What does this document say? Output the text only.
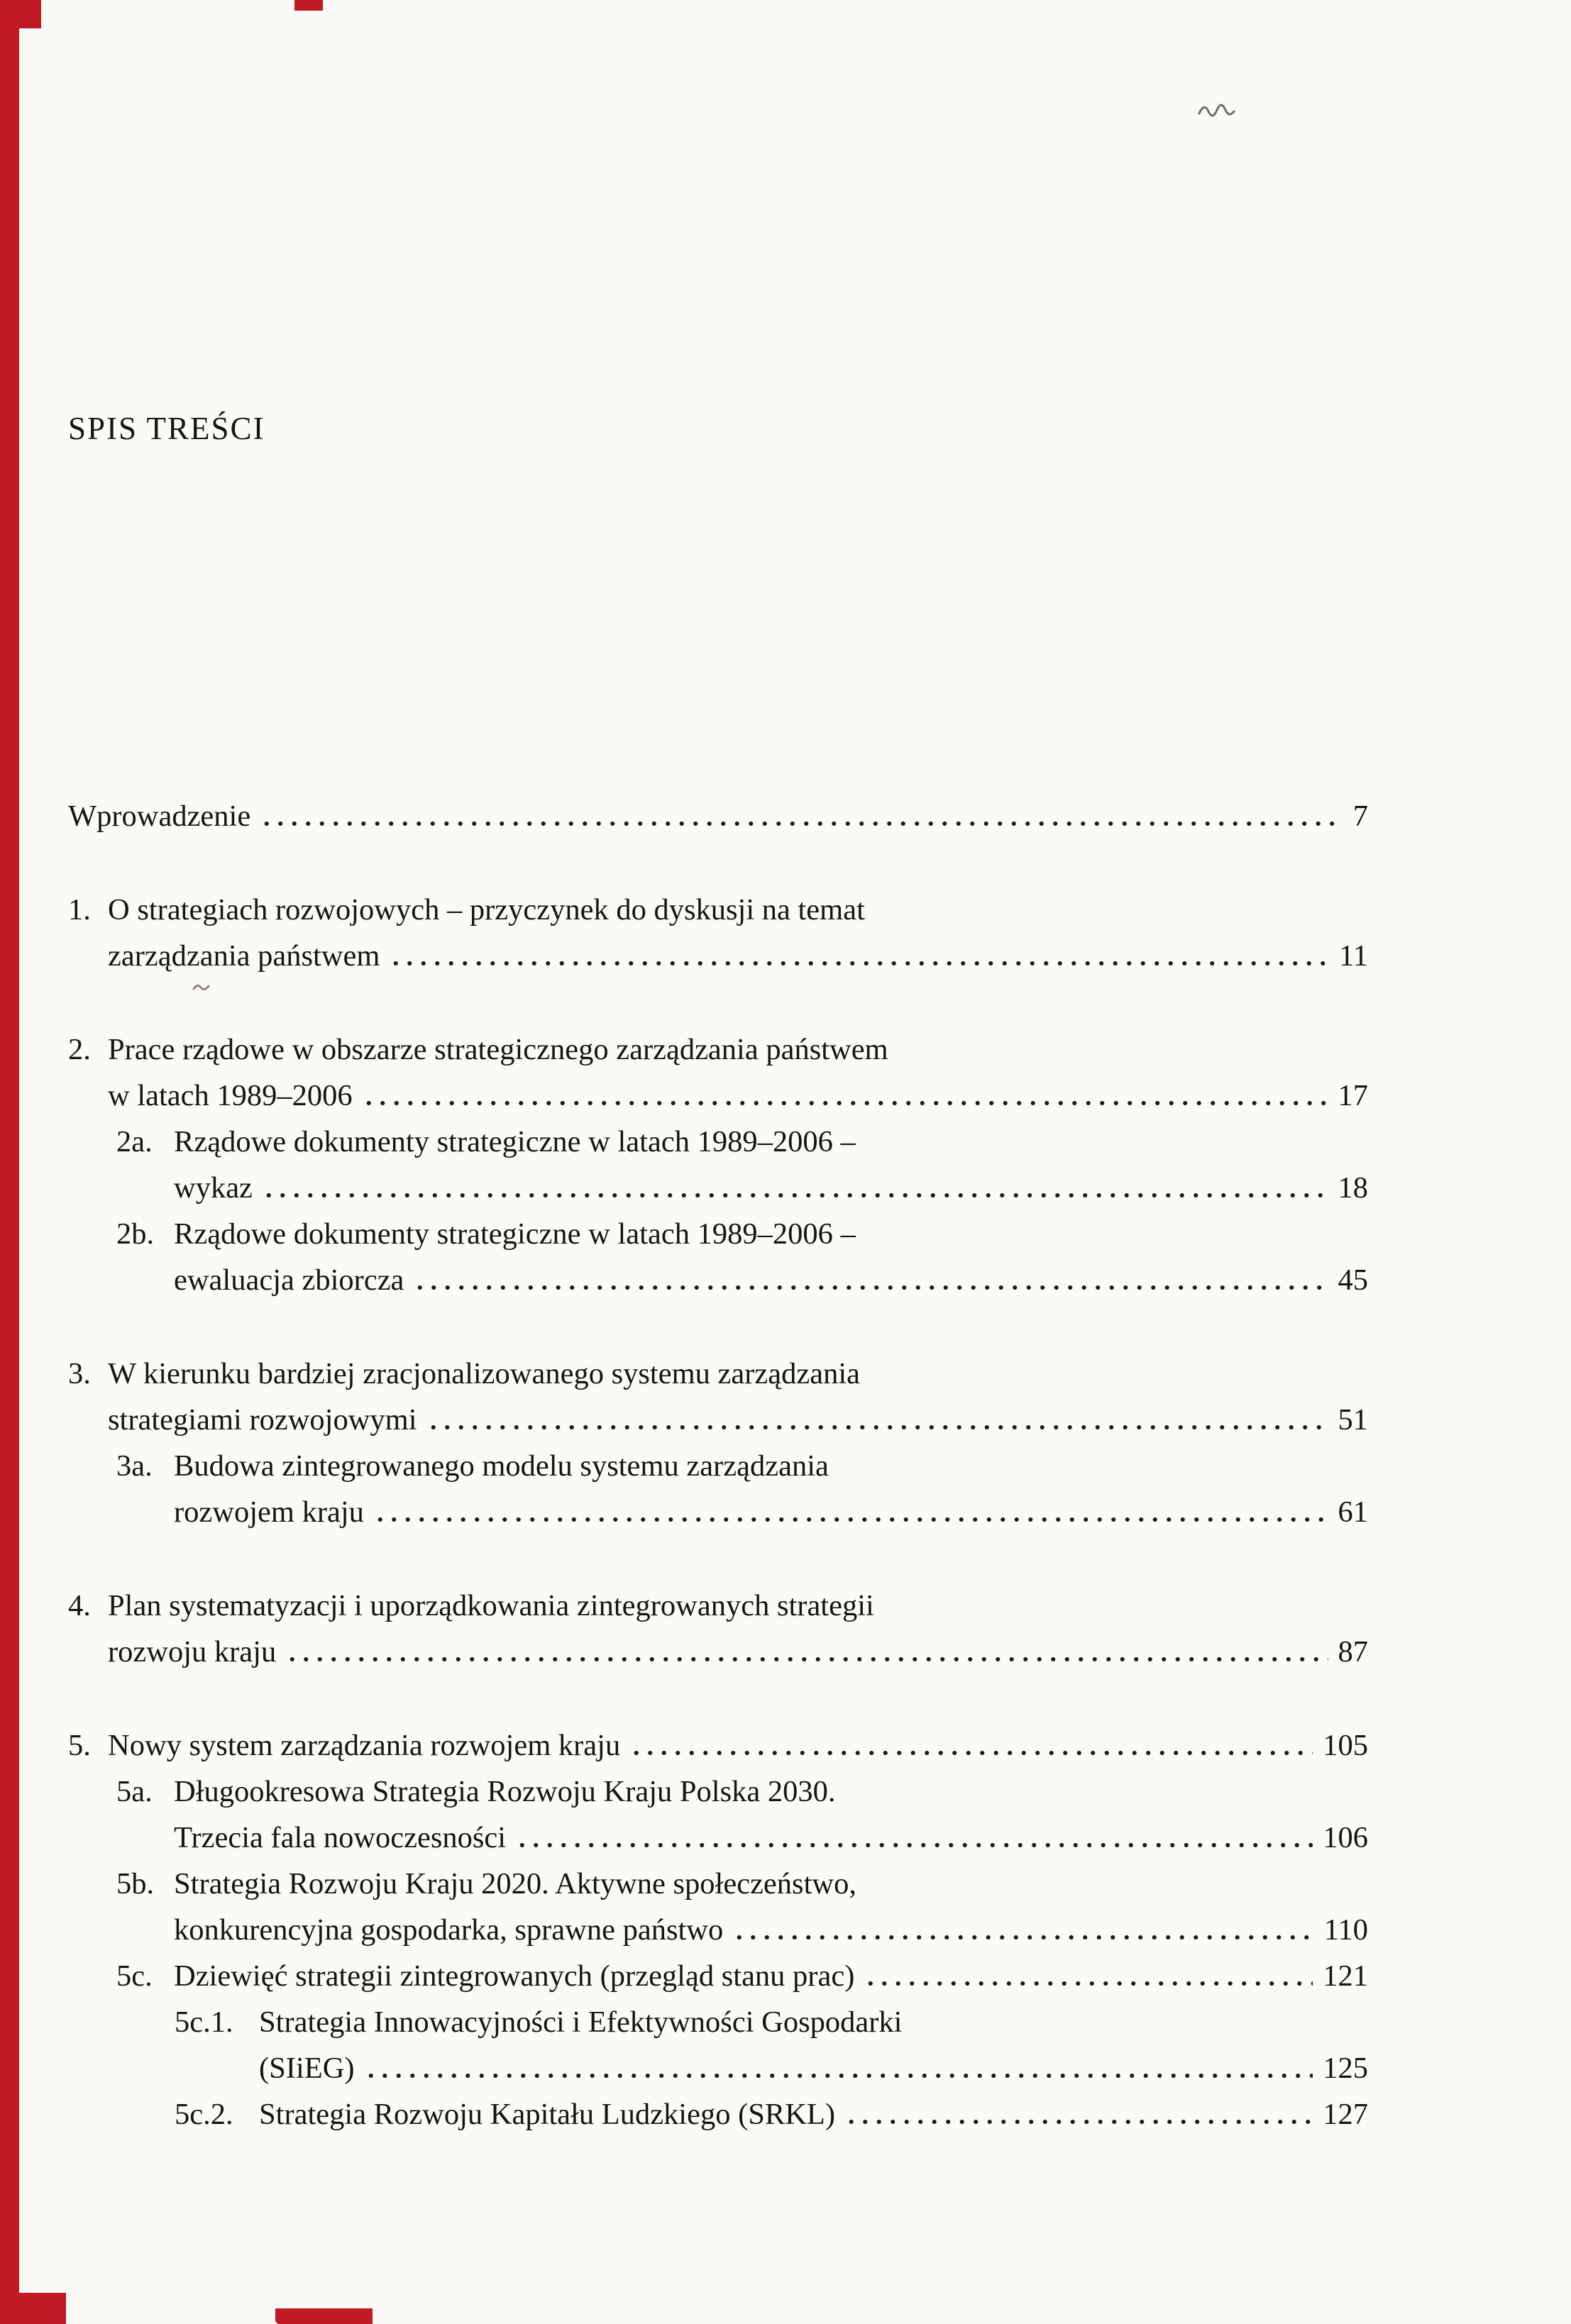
SPIS TREŚCI
Wprowadzenie	7
1. O strategiach rozwojowych – przyczynek do dyskusji na temat
zarządzania państwem	11
2. Prace rządowe w obszarze strategicznego zarządzania państwem
w latach 1989–2006	17
2a. Rządowe dokumenty strategiczne w latach 1989–2006 –
wykaz	18
2b. Rządowe dokumenty strategiczne w latach 1989–2006 –
ewaluacja zbiorcza	45
3. W kierunku bardziej zracjonalizowanego systemu zarządzania
strategiami rozwojowymi	51
3a. Budowa zintegrowanego modelu systemu zarządzania
rozwojem kraju	61
4. Plan systematyzacji i uporządkowania zintegrowanych strategii
rozwoju kraju	87
5. Nowy system zarządzania rozwojem kraju	105
5a. Długookresowa Strategia Rozwoju Kraju Polska 2030.
Trzecia fala nowoczesności	106
5b. Strategia Rozwoju Kraju 2020. Aktywne społeczeństwo,
konkurencyjna gospodarka, sprawne państwo	110
5c. Dziewięć strategii zintegrowanych (przegląd stanu prac)	121
5c.1. Strategia Innowacyjności i Efektywności Gospodarki
(SIiEG)	125
5c.2. Strategia Rozwoju Kapitału Ludzkiego (SRKL)	127
